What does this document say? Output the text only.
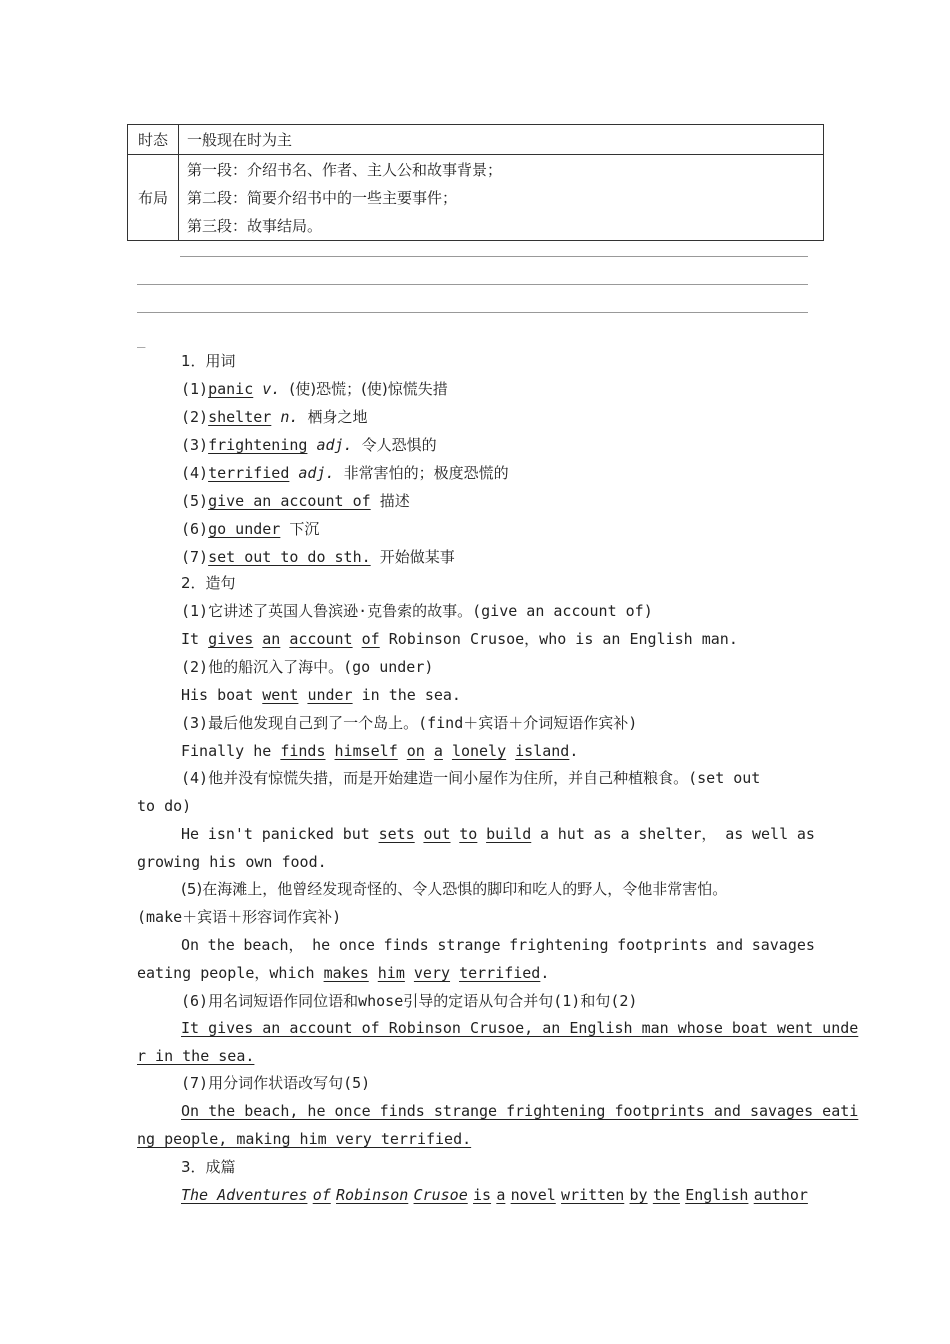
时态	一般现在时为主
布局	第一段：介绍书名、作者、主人公和故事背景；
第二段：简要介绍书中的一些主要事件；
第三段：故事结局。
_
1．用词
(1)panic v. (使)恐慌；(使)惊慌失措
(2)shelter n. 栖身之地
(3)frightening adj. 令人恐惧的
(4)terrified adj. 非常害怕的；极度恐慌的
(5)give an account of 描述
(6)go under 下沉
(7)set out to do sth. 开始做某事
2．造句
(1)它讲述了英国人鲁滨逊·克鲁索的故事。(give an account of)
It gives an account of Robinson Crusoe，who is an English man.
(2)他的船沉入了海中。(go under)
His boat went under in the sea.
(3)最后他发现自己到了一个岛上。(find＋宾语＋介词短语作宾补)
Finally he finds himself on a lonely island.
(4)他并没有惊慌失措，而是开始建造一间小屋作为住所，并自己种植粮食。(set out
to do)
He isn't panicked but sets out to build a hut as a shelter， as well as
growing his own food.
(5)在海滩上，他曾经发现奇怪的、令人恐惧的脚印和吃人的野人，令他非常害怕。
(make＋宾语＋形容词作宾补)
On the beach， he once finds strange frightening footprints and savages
eating people，which makes him very terrified.
(6)用名词短语作同位语和whose引导的定语从句合并句(1)和句(2)
It gives an account of Robinson Crusoe, an English man whose boat went unde
r in the sea.
(7)用分词作状语改写句(5)
On the beach, he once finds strange frightening footprints and savages eati
ng people, making him very terrified.
3．成篇
The Adventures of Robinson Crusoe is a novel written by the English author
